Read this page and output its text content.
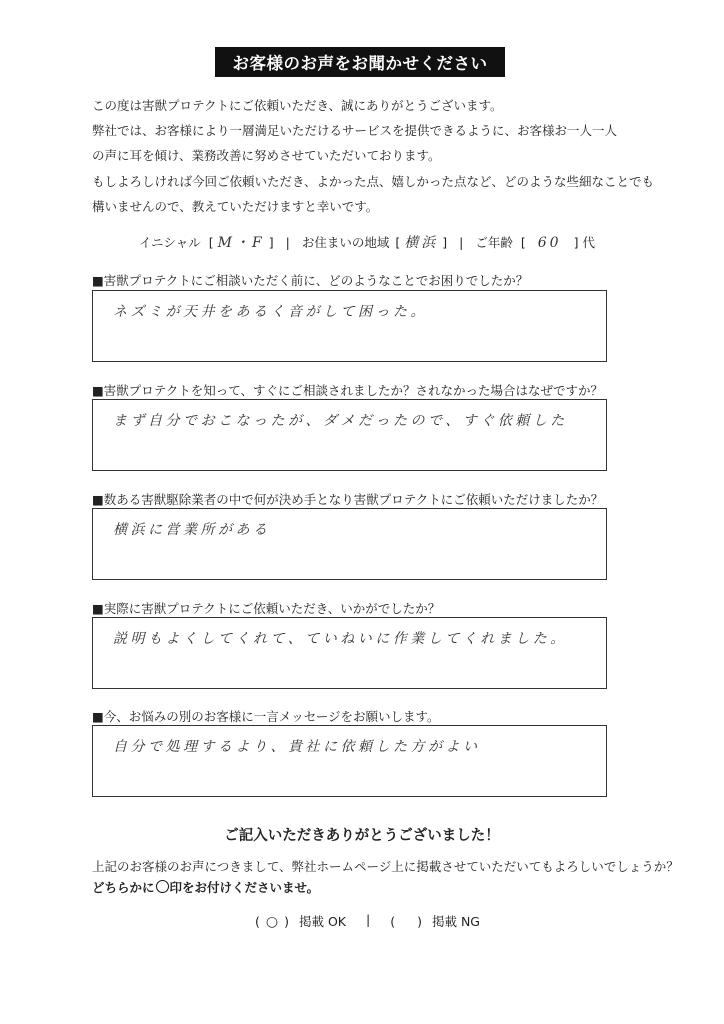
お客様のお声をお聞かせください
この度は害獣プロテクトにご依頼いただき、誠にありがとうございます。
弊社では、お客様により一層満足いただけるサービスを提供できるように、お客様お一人一人
の声に耳を傾け、業務改善に努めさせていただいております。
もしよろしければ今回ご依頼いただき、よかった点、嬉しかった点など、どのような些細なことでも
構いませんので、教えていただけますと幸いです。
イニシャル [ M・F ] | お住まいの地域 [ 横浜 ] | ご年齢 [ 60 ] 代
■害獣プロテクトにご相談いただく前に、どのようなことでお困りでしたか？
ネズミが天井をあるく音がして困った。
■害獣プロテクトを知って、すぐにご相談されましたか？されなかった場合はなぜですか？
まず自分でおこなったが、ダメだったので、すぐ依頼した
■数ある害獣駆除業者の中で何が決め手となり害獣プロテクトにご依頼いただけましたか？
横浜に営業所がある
■実際に害獣プロテクトにご依頼いただき、いかがでしたか？
説明もよくしてくれて、ていねいに作業してくれました。
■今、お悩みの別のお客様に一言メッセージをお願いします。
自分で処理するより、貴社に依頼した方がよい
ご記入いただきありがとうございました！
上記のお客様のお声につきまして、弊社ホームページ上に掲載させていただいてもよろしいでしょうか？
どちらかに 印をお付けくださいませ。
( ○ ) 掲載 OK | ( ) 掲載 NG
